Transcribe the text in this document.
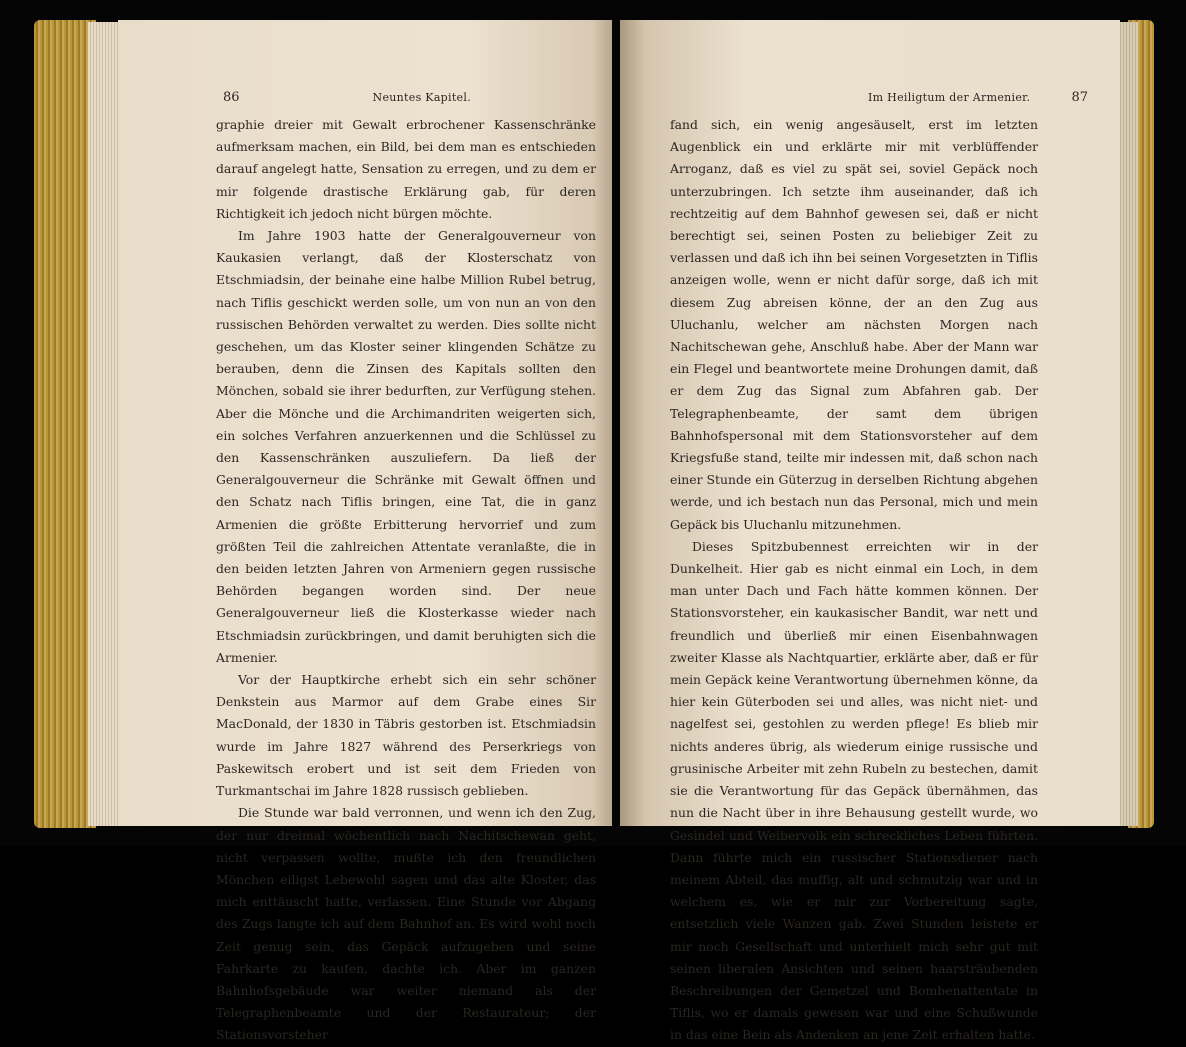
86	Neuntes Kapitel.

graphie dreier mit Gewalt erbrochener Kassenschränke aufmerksam machen, ein Bild, bei dem man es entschieden darauf angelegt hatte, Sensation zu erregen, und zu dem er mir folgende drastische Erklärung gab, für deren Richtigkeit ich jedoch nicht bürgen möchte.

Im Jahre 1903 hatte der Generalgouverneur von Kaukasien verlangt, daß der Klosterschatz von Etschmiadsin, der beinahe eine halbe Million Rubel betrug, nach Tiflis geschickt werden solle, um von nun an von den russischen Behörden verwaltet zu werden. Dies sollte nicht geschehen, um das Kloster seiner klingenden Schätze zu berauben, denn die Zinsen des Kapitals sollten den Mönchen, sobald sie ihrer bedurften, zur Verfügung stehen. Aber die Mönche und die Archimandriten weigerten sich, ein solches Verfahren anzuerkennen und die Schlüssel zu den Kassenschränken auszuliefern. Da ließ der Generalgouverneur die Schränke mit Gewalt öffnen und den Schatz nach Tiflis bringen, eine Tat, die in ganz Armenien die größte Erbitterung hervorrief und zum größten Teil die zahlreichen Attentate veranlaßte, die in den beiden letzten Jahren von Armeniern gegen russische Behörden begangen worden sind. Der neue Generalgouverneur ließ die Klosterkasse wieder nach Etschmiadsin zurückbringen, und damit beruhigten sich die Armenier.

Vor der Hauptkirche erhebt sich ein sehr schöner Denkstein aus Marmor auf dem Grabe eines Sir MacDonald, der 1830 in Täbris gestorben ist. Etschmiadsin wurde im Jahre 1827 während des Perserkriegs von Paskewitsch erobert und ist seit dem Frieden von Turkmantschai im Jahre 1828 russisch geblieben.

Die Stunde war bald verronnen, und wenn ich den Zug, der nur dreimal wöchentlich nach Nachitschewan geht, nicht verpassen wollte, mußte ich den freundlichen Mönchen eiligst Lebewohl sagen und das alte Kloster, das mich enttäuscht hatte, verlassen. Eine Stunde vor Abgang des Zugs langte ich auf dem Bahnhof an. Es wird wohl noch Zeit genug sein, das Gepäck aufzugeben und seine Fahrkarte zu kaufen, dachte ich. Aber im ganzen Bahnhofsgebäude war weiter niemand als der Telegraphenbeamte und der Restaurateur; der Stationsvorsteher

Im Heiligtum der Armenier.	87

fand sich, ein wenig angesäuselt, erst im letzten Augenblick ein und erklärte mir mit verblüffender Arroganz, daß es viel zu spät sei, soviel Gepäck noch unterzubringen. Ich setzte ihm auseinander, daß ich rechtzeitig auf dem Bahnhof gewesen sei, daß er nicht berechtigt sei, seinen Posten zu beliebiger Zeit zu verlassen und daß ich ihn bei seinen Vorgesetzten in Tiflis anzeigen wolle, wenn er nicht dafür sorge, daß ich mit diesem Zug abreisen könne, der an den Zug aus Uluchanlu, welcher am nächsten Morgen nach Nachitschewan gehe, Anschluß habe. Aber der Mann war ein Flegel und beantwortete meine Drohungen damit, daß er dem Zug das Signal zum Abfahren gab. Der Telegraphenbeamte, der samt dem übrigen Bahnhofspersonal mit dem Stationsvorsteher auf dem Kriegsfuße stand, teilte mir indessen mit, daß schon nach einer Stunde ein Güterzug in derselben Richtung abgehen werde, und ich bestach nun das Personal, mich und mein Gepäck bis Uluchanlu mitzunehmen.

Dieses Spitzbubennest erreichten wir in der Dunkelheit. Hier gab es nicht einmal ein Loch, in dem man unter Dach und Fach hätte kommen können. Der Stationsvorsteher, ein kaukasischer Bandit, war nett und freundlich und überließ mir einen Eisenbahnwagen zweiter Klasse als Nachtquartier, erklärte aber, daß er für mein Gepäck keine Verantwortung übernehmen könne, da hier kein Güterboden sei und alles, was nicht niet- und nagelfest sei, gestohlen zu werden pflege! Es blieb mir nichts anderes übrig, als wiederum einige russische und grusinische Arbeiter mit zehn Rubeln zu bestechen, damit sie die Verantwortung für das Gepäck übernähmen, das nun die Nacht über in ihre Behausung gestellt wurde, wo Gesindel und Weibervolk ein schreckliches Leben führten. Dann führte mich ein russischer Stationsdiener nach meinem Abteil, das muffig, alt und schmutzig war und in welchem es, wie er mir zur Vorbereitung sagte, entsetzlich viele Wanzen gab. Zwei Stunden leistete er mir noch Gesellschaft und unterhielt mich sehr gut mit seinen liberalen Ansichten und seinen haarsträubenden Beschreibungen der Gemetzel und Bombenattentate in Tiflis, wo er damals gewesen war und eine Schußwunde in das eine Bein als Andenken an jene Zeit erhalten hatte.
